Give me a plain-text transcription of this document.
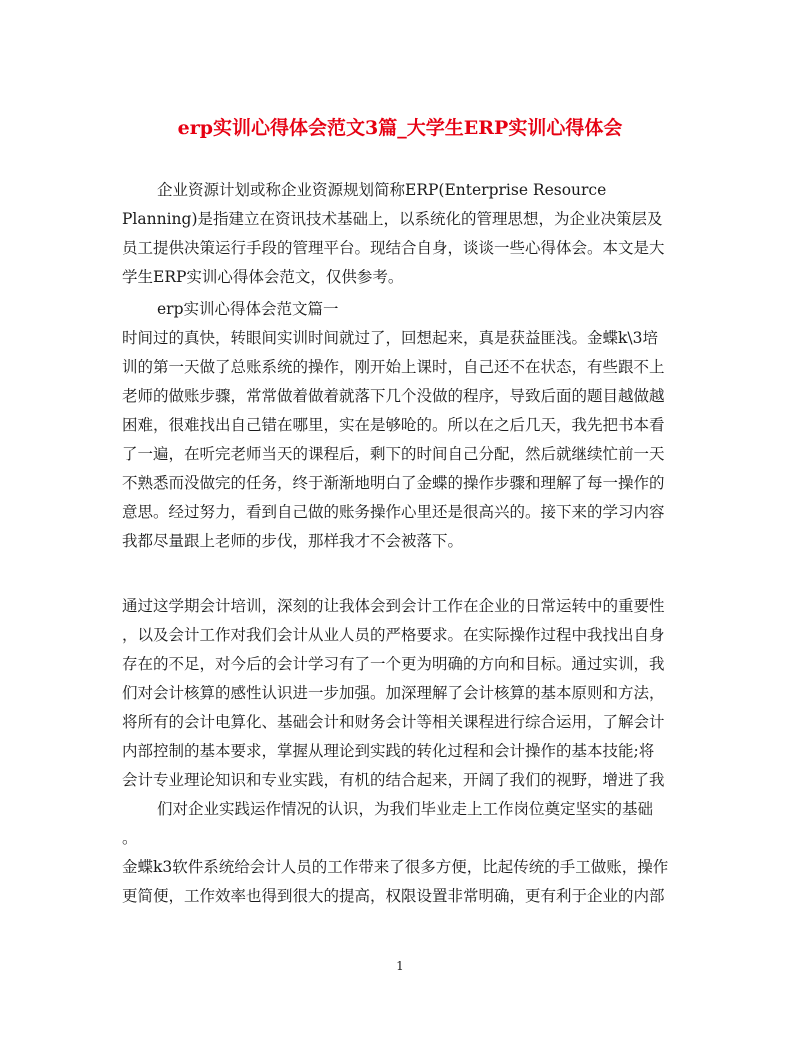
erp实训心得体会范文3篇_大学生ERP实训心得体会
企业资源计划或称企业资源规划简称ERP(Enterprise Resource
Planning)是指建立在资讯技术基础上，以系统化的管理思想，为企业决策层及
员工提供决策运行手段的管理平台。现结合自身，谈谈一些心得体会。本文是大
学生ERP实训心得体会范文，仅供参考。
erp实训心得体会范文篇一
时间过的真快，转眼间实训时间就过了，回想起来，真是获益匪浅。金蝶k\3培
训的第一天做了总账系统的操作，刚开始上课时，自己还不在状态，有些跟不上
老师的做账步骤，常常做着做着就落下几个没做的程序，导致后面的题目越做越
困难，很难找出自己错在哪里，实在是够呛的。所以在之后几天，我先把书本看
了一遍，在听完老师当天的课程后，剩下的时间自己分配，然后就继续忙前一天
不熟悉而没做完的任务，终于渐渐地明白了金蝶的操作步骤和理解了每一操作的
意思。经过努力，看到自己做的账务操作心里还是很高兴的。接下来的学习内容
我都尽量跟上老师的步伐，那样我才不会被落下。
通过这学期会计培训，深刻的让我体会到会计工作在企业的日常运转中的重要性
，以及会计工作对我们会计从业人员的严格要求。在实际操作过程中我找出自身
存在的不足，对今后的会计学习有了一个更为明确的方向和目标。通过实训，我
们对会计核算的感性认识进一步加强。加深理解了会计核算的基本原则和方法，
将所有的会计电算化、基础会计和财务会计等相关课程进行综合运用，了解会计
内部控制的基本要求，掌握从理论到实践的转化过程和会计操作的基本技能;将
会计专业理论知识和专业实践，有机的结合起来，开阔了我们的视野，增进了我
们对企业实践运作情况的认识，为我们毕业走上工作岗位奠定坚实的基础
。
金蝶k3软件系统给会计人员的工作带来了很多方便，比起传统的手工做账，操作
更简便，工作效率也得到很大的提高，权限设置非常明确，更有利于企业的内部
1
